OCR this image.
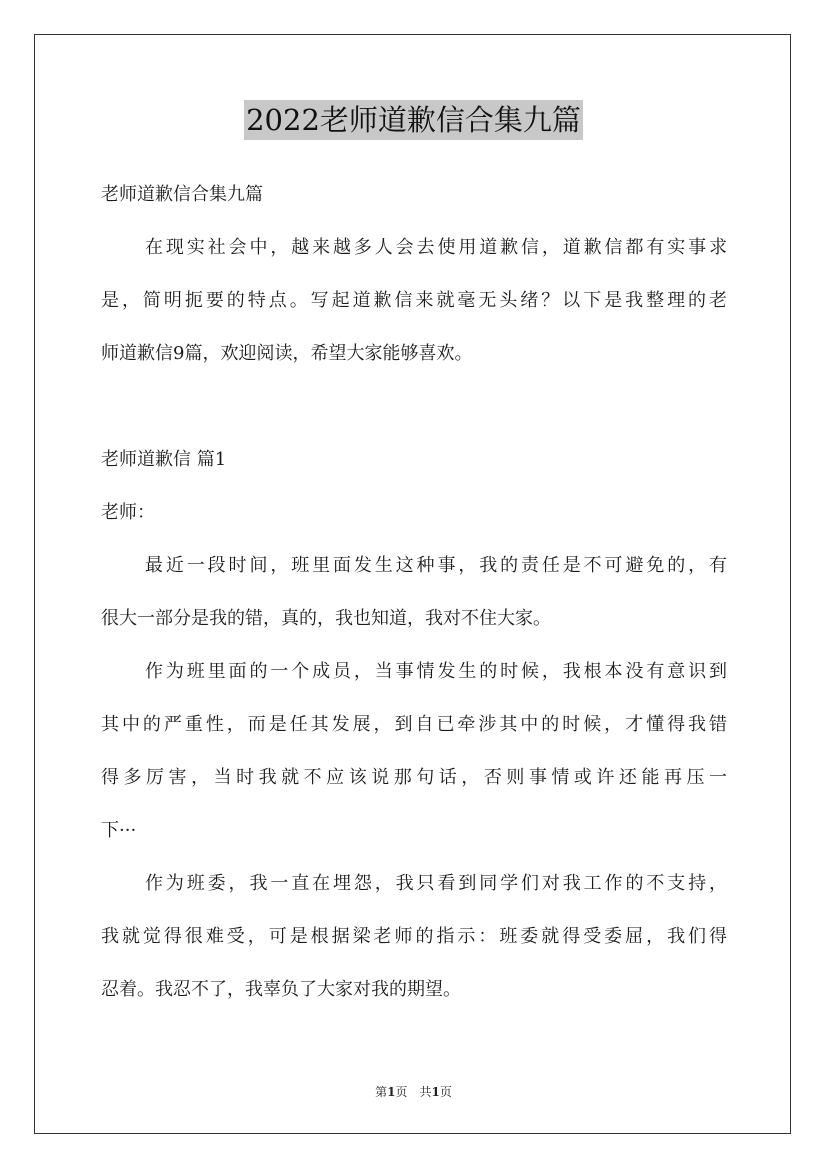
2022老师道歉信合集九篇
老师道歉信合集九篇
在现实社会中，越来越多人会去使用道歉信，道歉信都有实事求
是，简明扼要的特点。写起道歉信来就毫无头绪？以下是我整理的老
师道歉信9篇，欢迎阅读，希望大家能够喜欢。
老师道歉信 篇1
老师：
最近一段时间，班里面发生这种事，我的责任是不可避免的，有
很大一部分是我的错，真的，我也知道，我对不住大家。
作为班里面的一个成员，当事情发生的时候，我根本没有意识到
其中的严重性，而是任其发展，到自已牵涉其中的时候，才懂得我错
得多厉害，当时我就不应该说那句话，否则事情或许还能再压一
下···
作为班委，我一直在埋怨，我只看到同学们对我工作的不支持，
我就觉得很难受，可是根据梁老师的指示：班委就得受委屈，我们得
忍着。我忍不了，我辜负了大家对我的期望。
第1页　共1页
